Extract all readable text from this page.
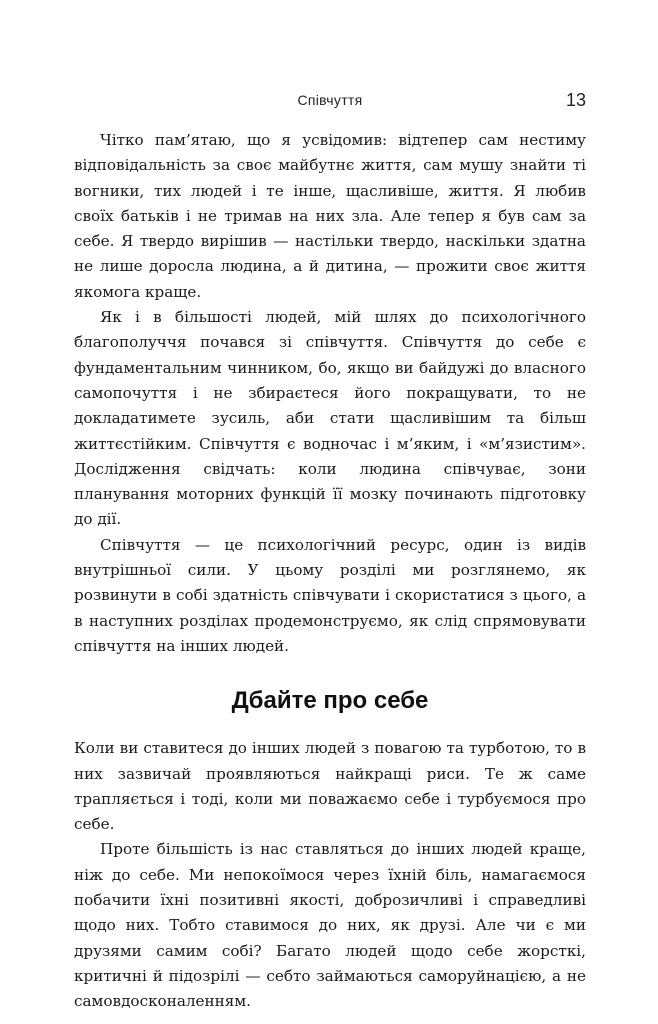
Співчуття	13

Чітко пам’ятаю, що я усвідомив: відтепер сам нестиму відповідальність за своє майбутнє життя, сам мушу знайти ті вогники, тих людей і те інше, щасливіше, життя. Я любив своїх батьків і не тримав на них зла. Але тепер я був сам за себе. Я твердо вирішив — настільки твердо, наскільки здатна не лише доросла людина, а й дитина, — прожити своє життя якомога краще.

Як і в більшості людей, мій шлях до психологічного благополуччя почався зі співчуття. Співчуття до себе є фундаментальним чинником, бо, якщо ви байдужі до власного самопочуття і не збираєтеся його покращувати, то не докладатимете зусиль, аби стати щасливішим та більш життєстійким. Співчуття є водночас і м’яким, і «м’язистим». Дослідження свідчать: коли людина співчуває, зони планування моторних функцій її мозку починають підготовку до дії.

Співчуття — це психологічний ресурс, один із видів внутрішньої сили. У цьому розділі ми розглянемо, як розвинути в собі здатність співчувати і скористатися з цього, а в наступних розділах продемонструємо, як слід спрямовувати співчуття на інших людей.

Дбайте про себе

Коли ви ставитеся до інших людей з повагою та турботою, то в них зазвичай проявляються найкращі риси. Те ж саме трапляється і тоді, коли ми поважаємо себе і турбуємося про себе.

Проте більшість із нас ставляться до інших людей краще, ніж до себе. Ми непокоїмося через їхній біль, намагаємося побачити їхні позитивні якості, доброзичливі і справедливі щодо них. Тобто ставимося до них, як друзі. Але чи є ми друзями самим собі? Багато людей щодо себе жорсткі, критичні й підозрілі — себто займаються саморуйнацією, а не самовдосконаленням.
